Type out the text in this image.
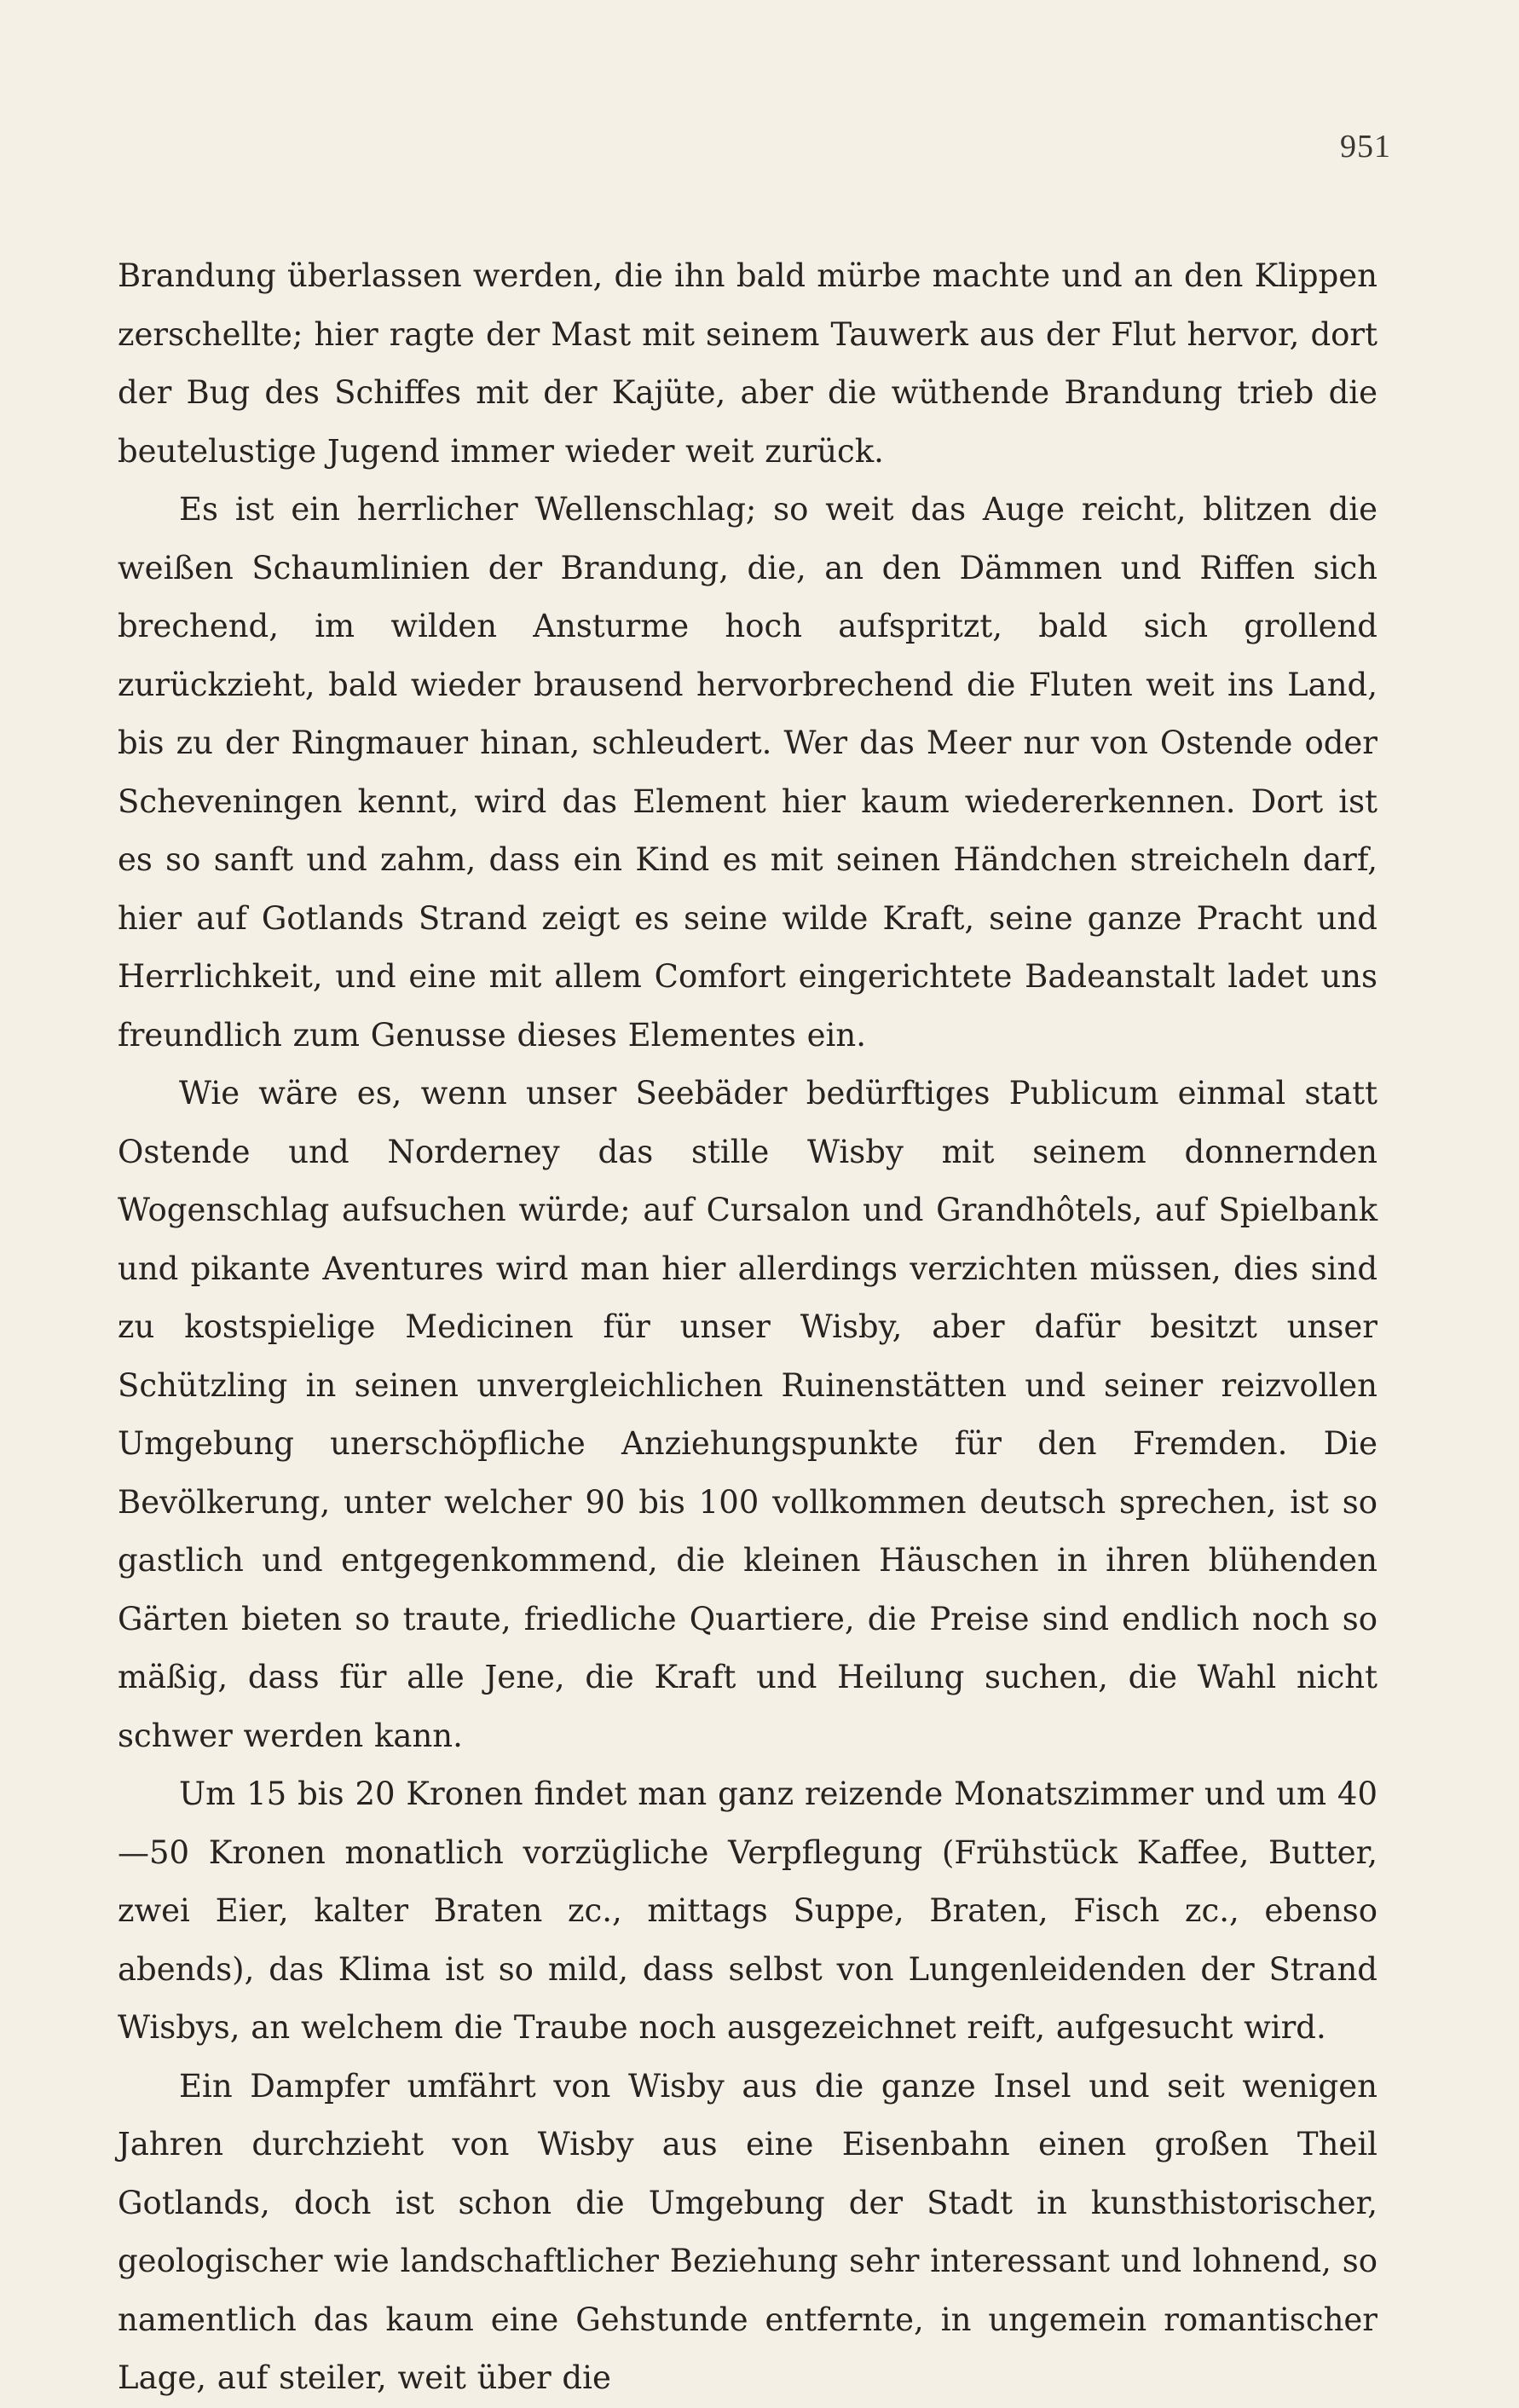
951

Brandung überlassen werden, die ihn bald mürbe machte und an den Klippen zerschellte; hier ragte der Mast mit seinem Tauwerk aus der Flut hervor, dort der Bug des Schiffes mit der Kajüte, aber die wüthende Brandung trieb die beutelustige Jugend immer wieder weit zurück.

Es ist ein herrlicher Wellenschlag; so weit das Auge reicht, blitzen die weißen Schaumlinien der Brandung, die, an den Dämmen und Riffen sich brechend, im wilden Ansturme hoch aufspritzt, bald sich grollend zurückzieht, bald wieder brausend hervorbrechend die Fluten weit ins Land, bis zu der Ringmauer hinan, schleudert. Wer das Meer nur von Ostende oder Scheveningen kennt, wird das Element hier kaum wiedererkennen. Dort ist es so sanft und zahm, dass ein Kind es mit seinen Händchen streicheln darf, hier auf Gotlands Strand zeigt es seine wilde Kraft, seine ganze Pracht und Herrlichkeit, und eine mit allem Comfort eingerichtete Badeanstalt ladet uns freundlich zum Genusse dieses Elementes ein.

Wie wäre es, wenn unser Seebäder bedürftiges Publicum einmal statt Ostende und Norderney das stille Wisby mit seinem donnernden Wogenschlag aufsuchen würde; auf Cursalon und Grandhôtels, auf Spielbank und pikante Aventures wird man hier allerdings verzichten müssen, dies sind zu kostspielige Medicinen für unser Wisby, aber dafür besitzt unser Schützling in seinen unvergleichlichen Ruinenstätten und seiner reizvollen Umgebung unerschöpfliche Anziehungspunkte für den Fremden. Die Bevölkerung, unter welcher 90 bis 100 vollkommen deutsch sprechen, ist so gastlich und entgegenkommend, die kleinen Häuschen in ihren blühenden Gärten bieten so traute, friedliche Quartiere, die Preise sind endlich noch so mäßig, dass für alle Jene, die Kraft und Heilung suchen, die Wahl nicht schwer werden kann.

Um 15 bis 20 Kronen findet man ganz reizende Monatszimmer und um 40—50 Kronen monatlich vorzügliche Verpflegung (Frühstück Kaffee, Butter, zwei Eier, kalter Braten zc., mittags Suppe, Braten, Fisch zc., ebenso abends), das Klima ist so mild, dass selbst von Lungenleidenden der Strand Wisbys, an welchem die Traube noch ausgezeichnet reift, aufgesucht wird.

Ein Dampfer umfährt von Wisby aus die ganze Insel und seit wenigen Jahren durchzieht von Wisby aus eine Eisenbahn einen großen Theil Gotlands, doch ist schon die Umgebung der Stadt in kunsthistorischer, geologischer wie landschaftlicher Beziehung sehr interessant und lohnend, so namentlich das kaum eine Gehstunde entfernte, in ungemein romantischer Lage, auf steiler, weit über die
